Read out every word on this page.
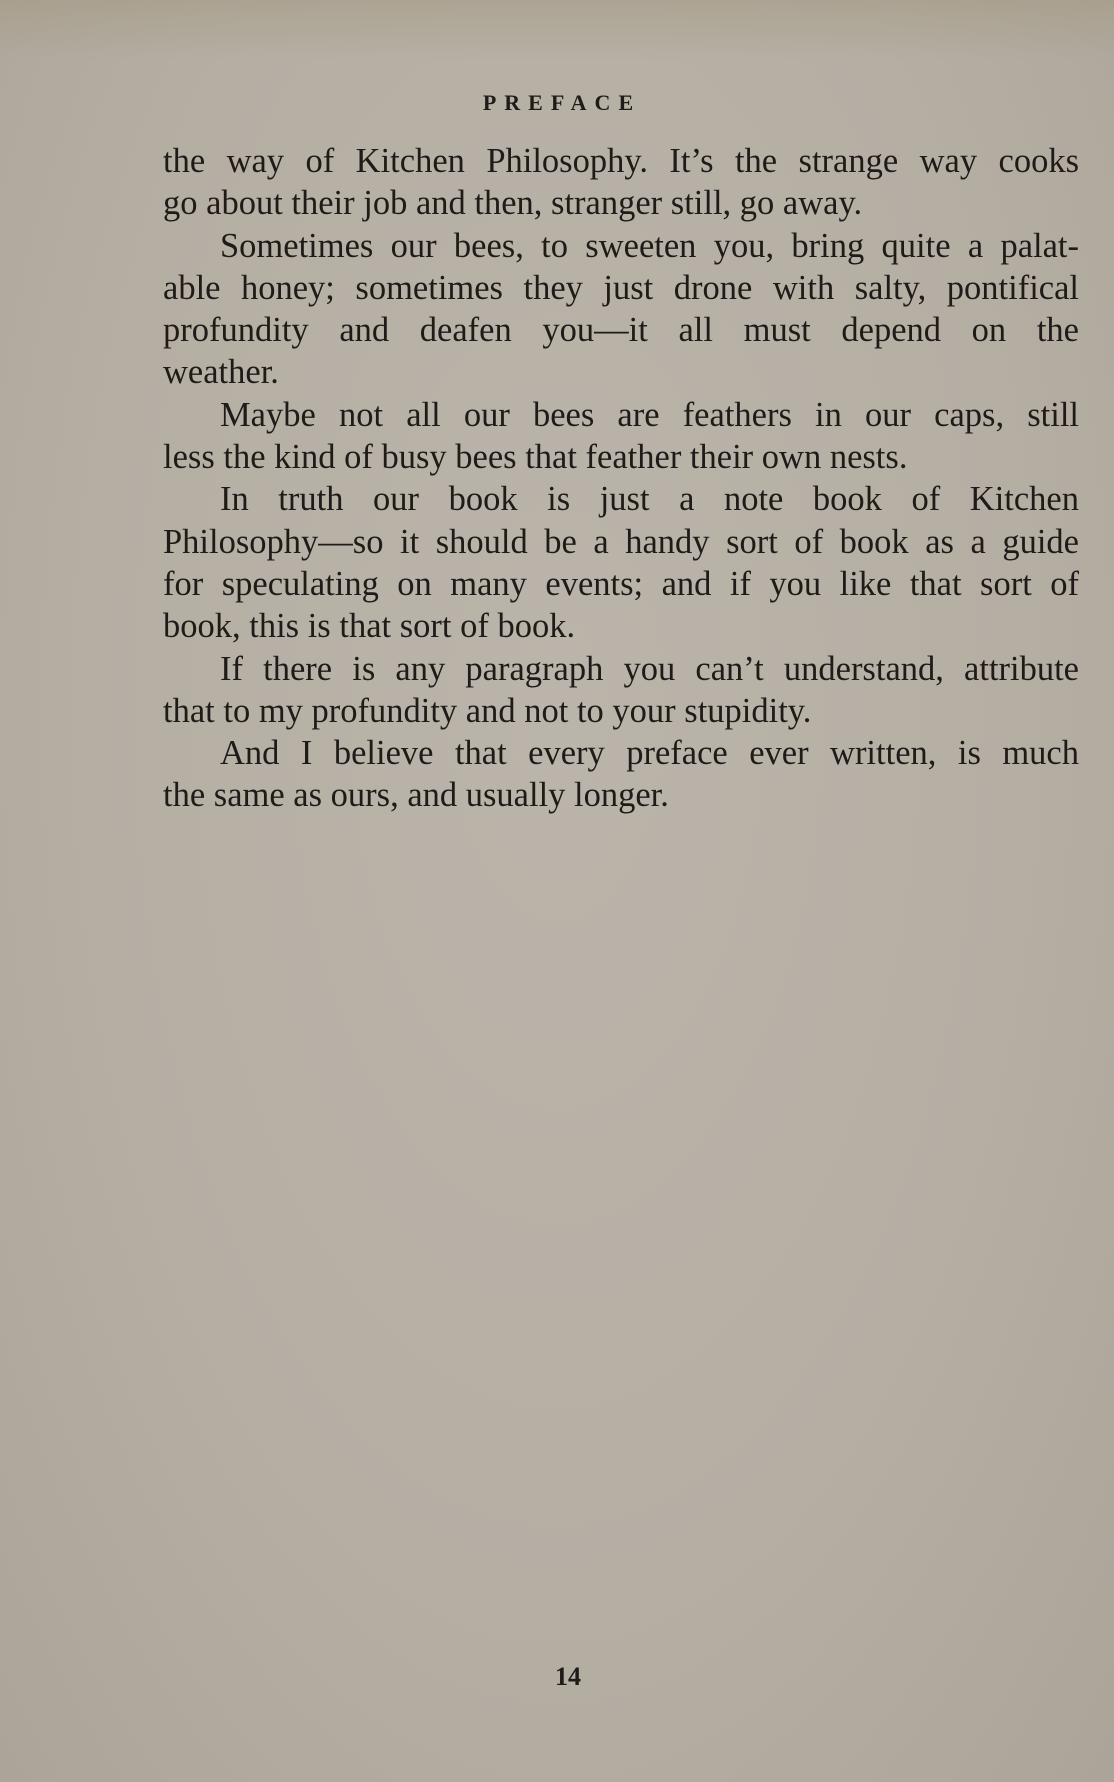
PREFACE

the way of Kitchen Philosophy. It’s the strange way cooks
go about their job and then, stranger still, go away.

Sometimes our bees, to sweeten you, bring quite a palat-
able honey; sometimes they just drone with salty, pontifical
profundity and deafen you—it all must depend on the
weather.

Maybe not all our bees are feathers in our caps, still
less the kind of busy bees that feather their own nests.

In truth our book is just a note book of Kitchen
Philosophy—so it should be a handy sort of book as a guide
for speculating on many events; and if you like that sort of
book, this is that sort of book.

If there is any paragraph you can’t understand, attribute
that to my profundity and not to your stupidity.

And I believe that every preface ever written, is much
the same as ours, and usually longer.

14
